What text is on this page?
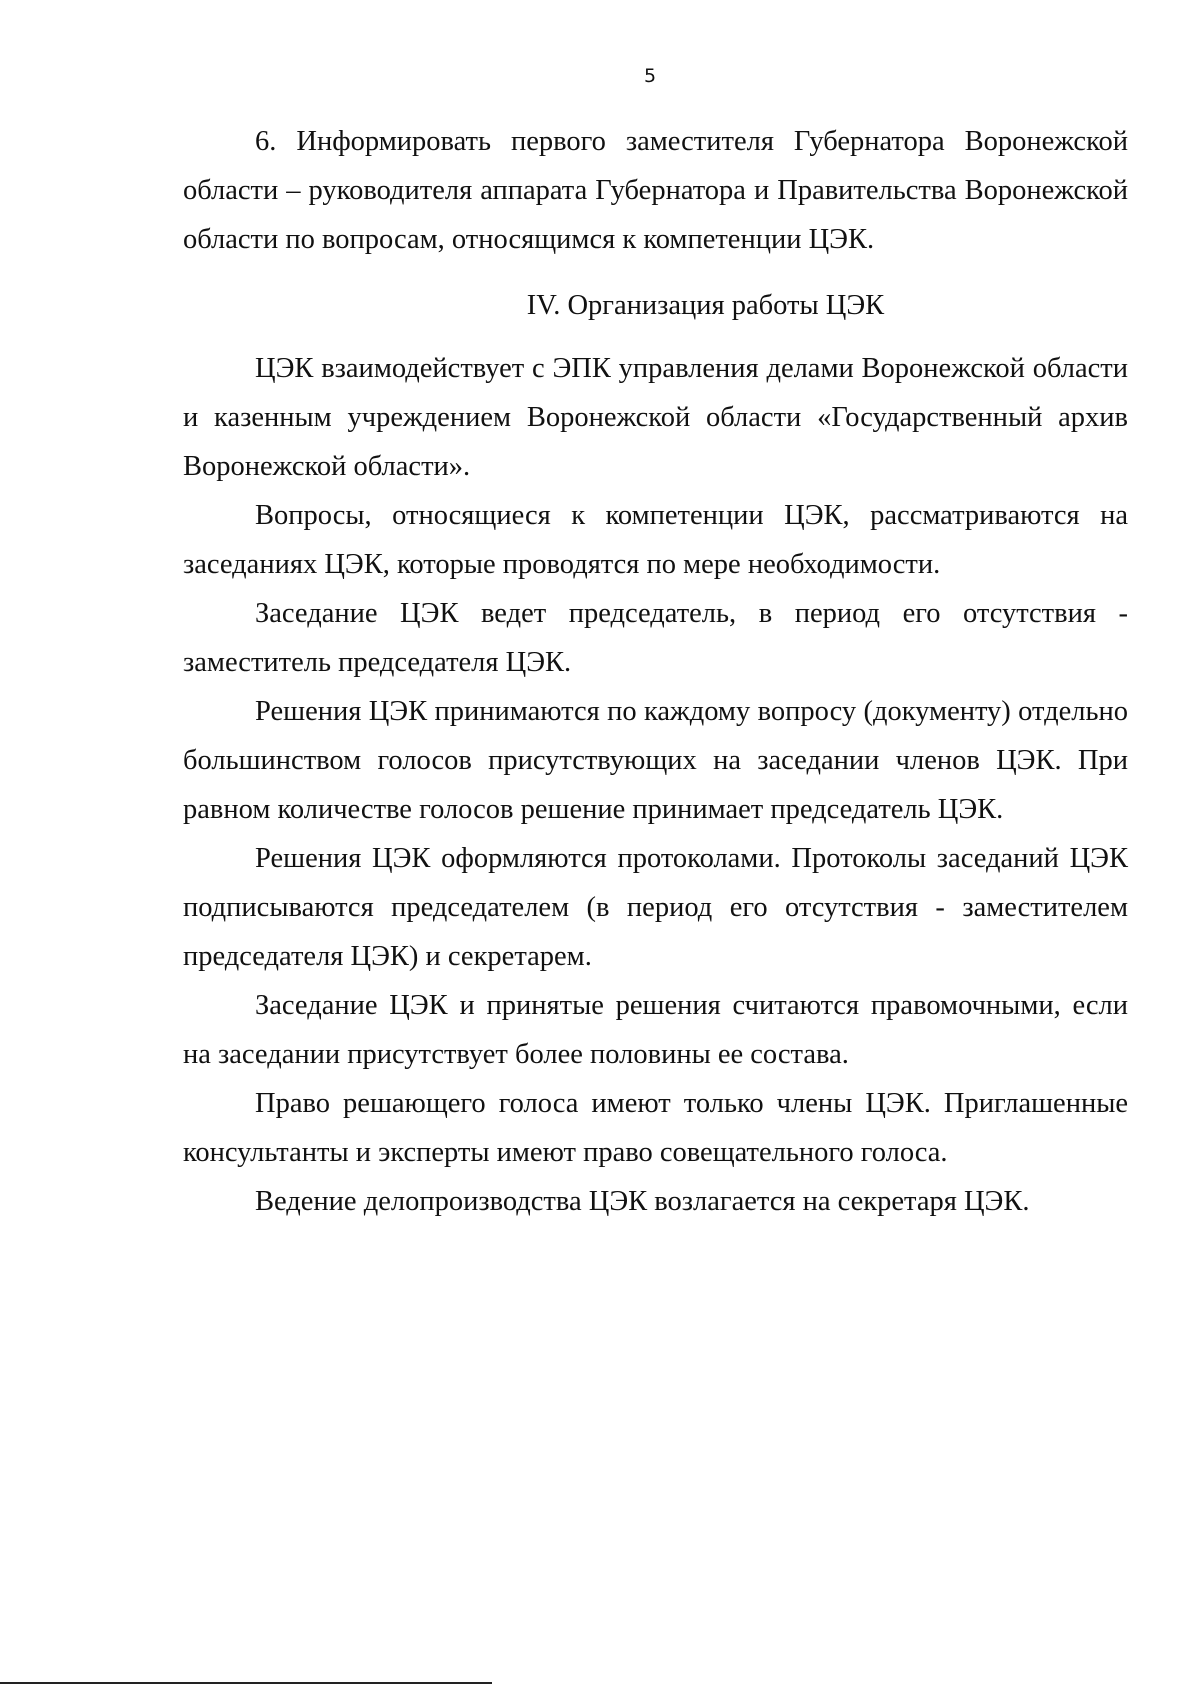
5

6. Информировать первого заместителя Губернатора Воронежской области – руководителя аппарата Губернатора и Правительства Воронежской области по вопросам, относящимся к компетенции ЦЭК.

IV. Организация работы ЦЭК

ЦЭК взаимодействует с ЭПК управления делами Воронежской области и казенным учреждением Воронежской области «Государственный архив Воронежской области».

Вопросы, относящиеся к компетенции ЦЭК, рассматриваются на заседаниях ЦЭК, которые проводятся по мере необходимости.

Заседание ЦЭК ведет председатель, в период его отсутствия - заместитель председателя ЦЭК.

Решения ЦЭК принимаются по каждому вопросу (документу) отдельно большинством голосов присутствующих на заседании членов ЦЭК. При равном количестве голосов решение принимает председатель ЦЭК.

Решения ЦЭК оформляются протоколами. Протоколы заседаний ЦЭК подписываются председателем (в период его отсутствия - заместителем председателя ЦЭК) и секретарем.

Заседание ЦЭК и принятые решения считаются правомочными, если на заседании присутствует более половины ее состава.

Право решающего голоса имеют только члены ЦЭК. Приглашенные консультанты и эксперты имеют право совещательного голоса.

Ведение делопроизводства ЦЭК возлагается на секретаря ЦЭК.
